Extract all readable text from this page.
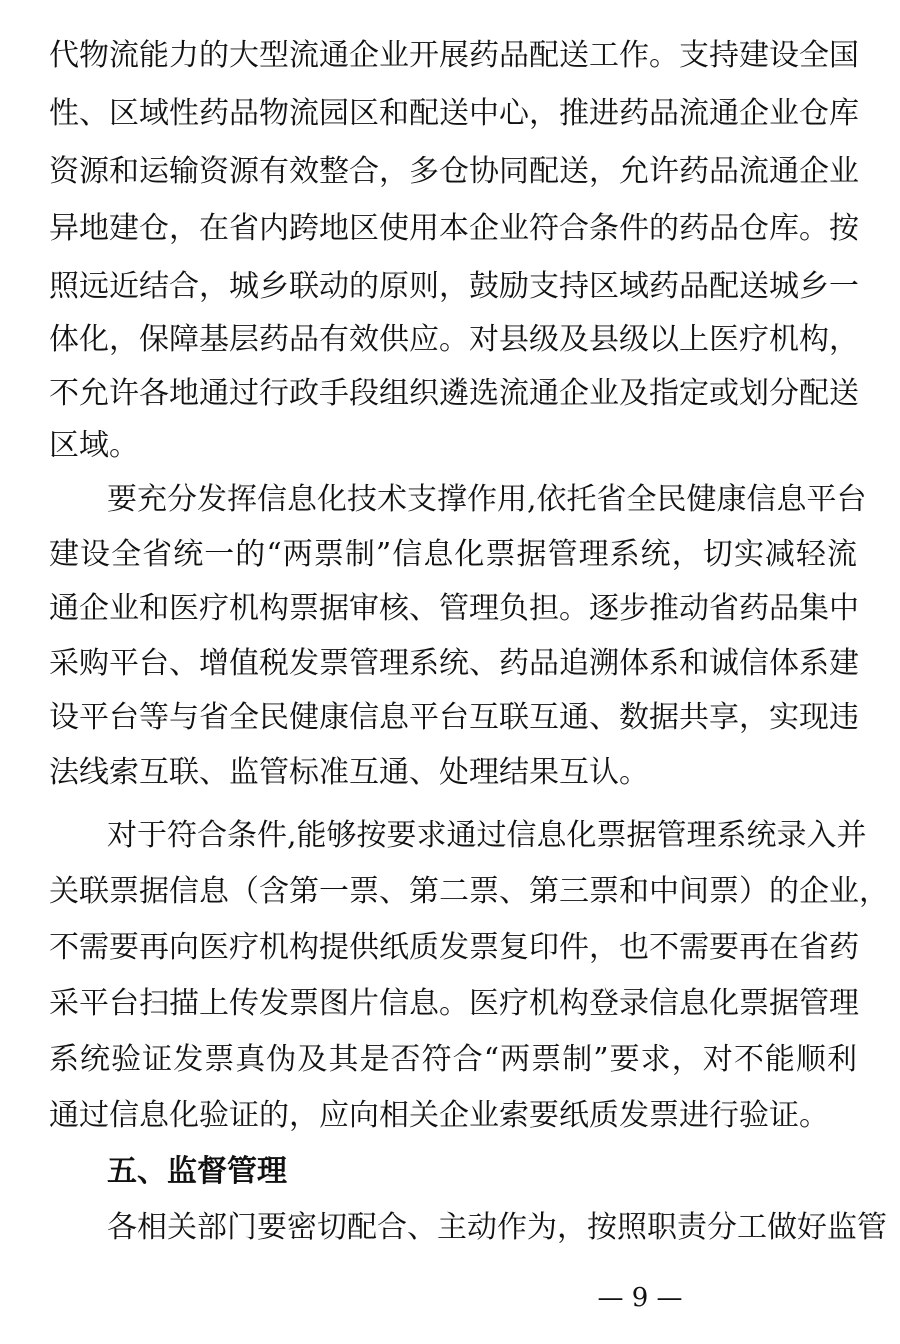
代物流能力的大型流通企业开展药品配送工作。支持建设全国
性、区域性药品物流园区和配送中心，推进药品流通企业仓库
资源和运输资源有效整合，多仓协同配送，允许药品流通企业
异地建仓，在省内跨地区使用本企业符合条件的药品仓库。按
照远近结合，城乡联动的原则，鼓励支持区域药品配送城乡一
体化，保障基层药品有效供应。对县级及县级以上医疗机构，
不允许各地通过行政手段组织遴选流通企业及指定或划分配送
区域。
要充分发挥信息化技术支撑作用,依托省全民健康信息平台
建设全省统一的“两票制”信息化票据管理系统，切实减轻流
通企业和医疗机构票据审核、管理负担。逐步推动省药品集中
采购平台、增值税发票管理系统、药品追溯体系和诚信体系建
设平台等与省全民健康信息平台互联互通、数据共享，实现违
法线索互联、监管标准互通、处理结果互认。
对于符合条件,能够按要求通过信息化票据管理系统录入并
关联票据信息（含第一票、第二票、第三票和中间票）的企业，
不需要再向医疗机构提供纸质发票复印件，也不需要再在省药
采平台扫描上传发票图片信息。医疗机构登录信息化票据管理
系统验证发票真伪及其是否符合“两票制”要求，对不能顺利
通过信息化验证的，应向相关企业索要纸质发票进行验证。
五、监督管理
各相关部门要密切配合、主动作为，按照职责分工做好监管
— 9 —
